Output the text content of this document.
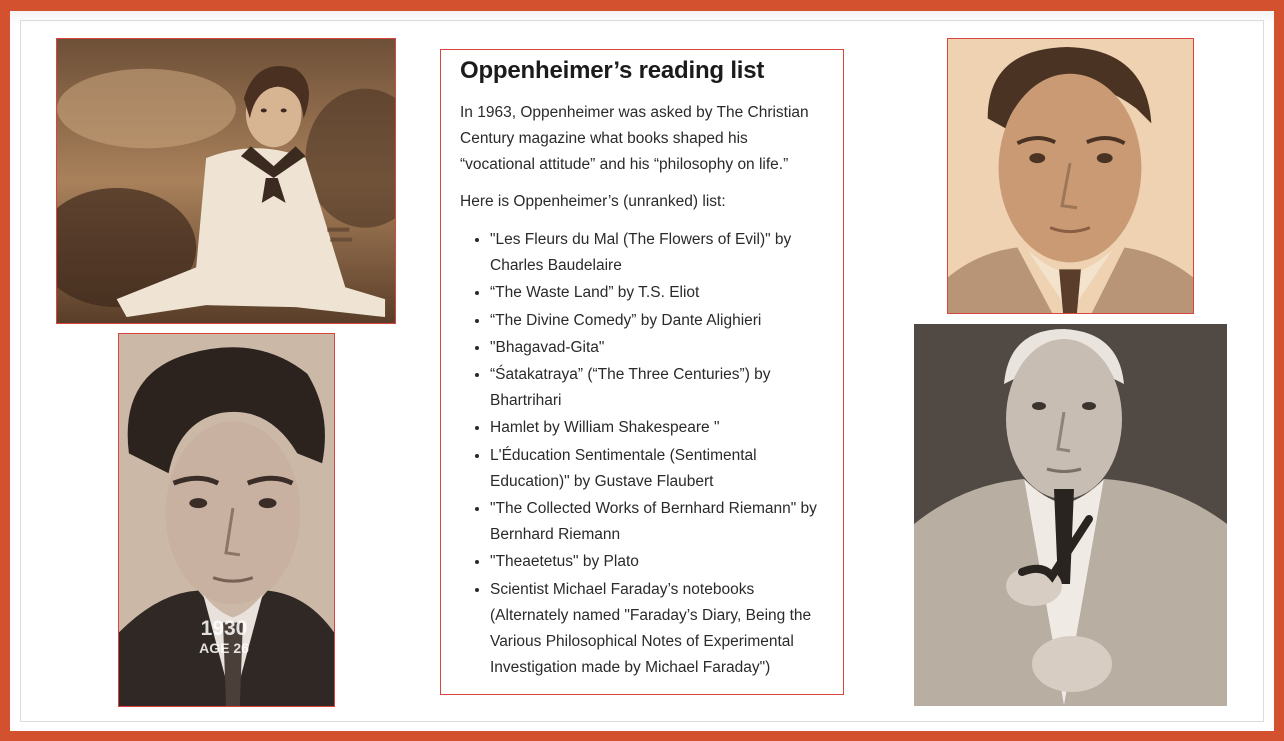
1930
AGE 26
Oppenheimer’s reading list

In 1963, Oppenheimer was asked by The Christian Century magazine what books shaped his “vocational attitude” and his “philosophy on life.”

Here is Oppenheimer’s (unranked) list:

• "Les Fleurs du Mal (The Flowers of Evil)" by Charles Baudelaire
• “The Waste Land” by T.S. Eliot
• “The Divine Comedy” by Dante Alighieri
• "Bhagavad-Gita"
• “Śatakatraya” (“The Three Centuries”) by Bhartrihari
• Hamlet by William Shakespeare "
• L'Éducation Sentimentale (Sentimental Education)" by Gustave Flaubert
• "The Collected Works of Bernhard Riemann" by Bernhard Riemann
• "Theaetetus" by Plato
• Scientist Michael Faraday’s notebooks (Alternately named "Faraday’s Diary, Being the Various Philosophical Notes of Experimental Investigation made by Michael Faraday")
